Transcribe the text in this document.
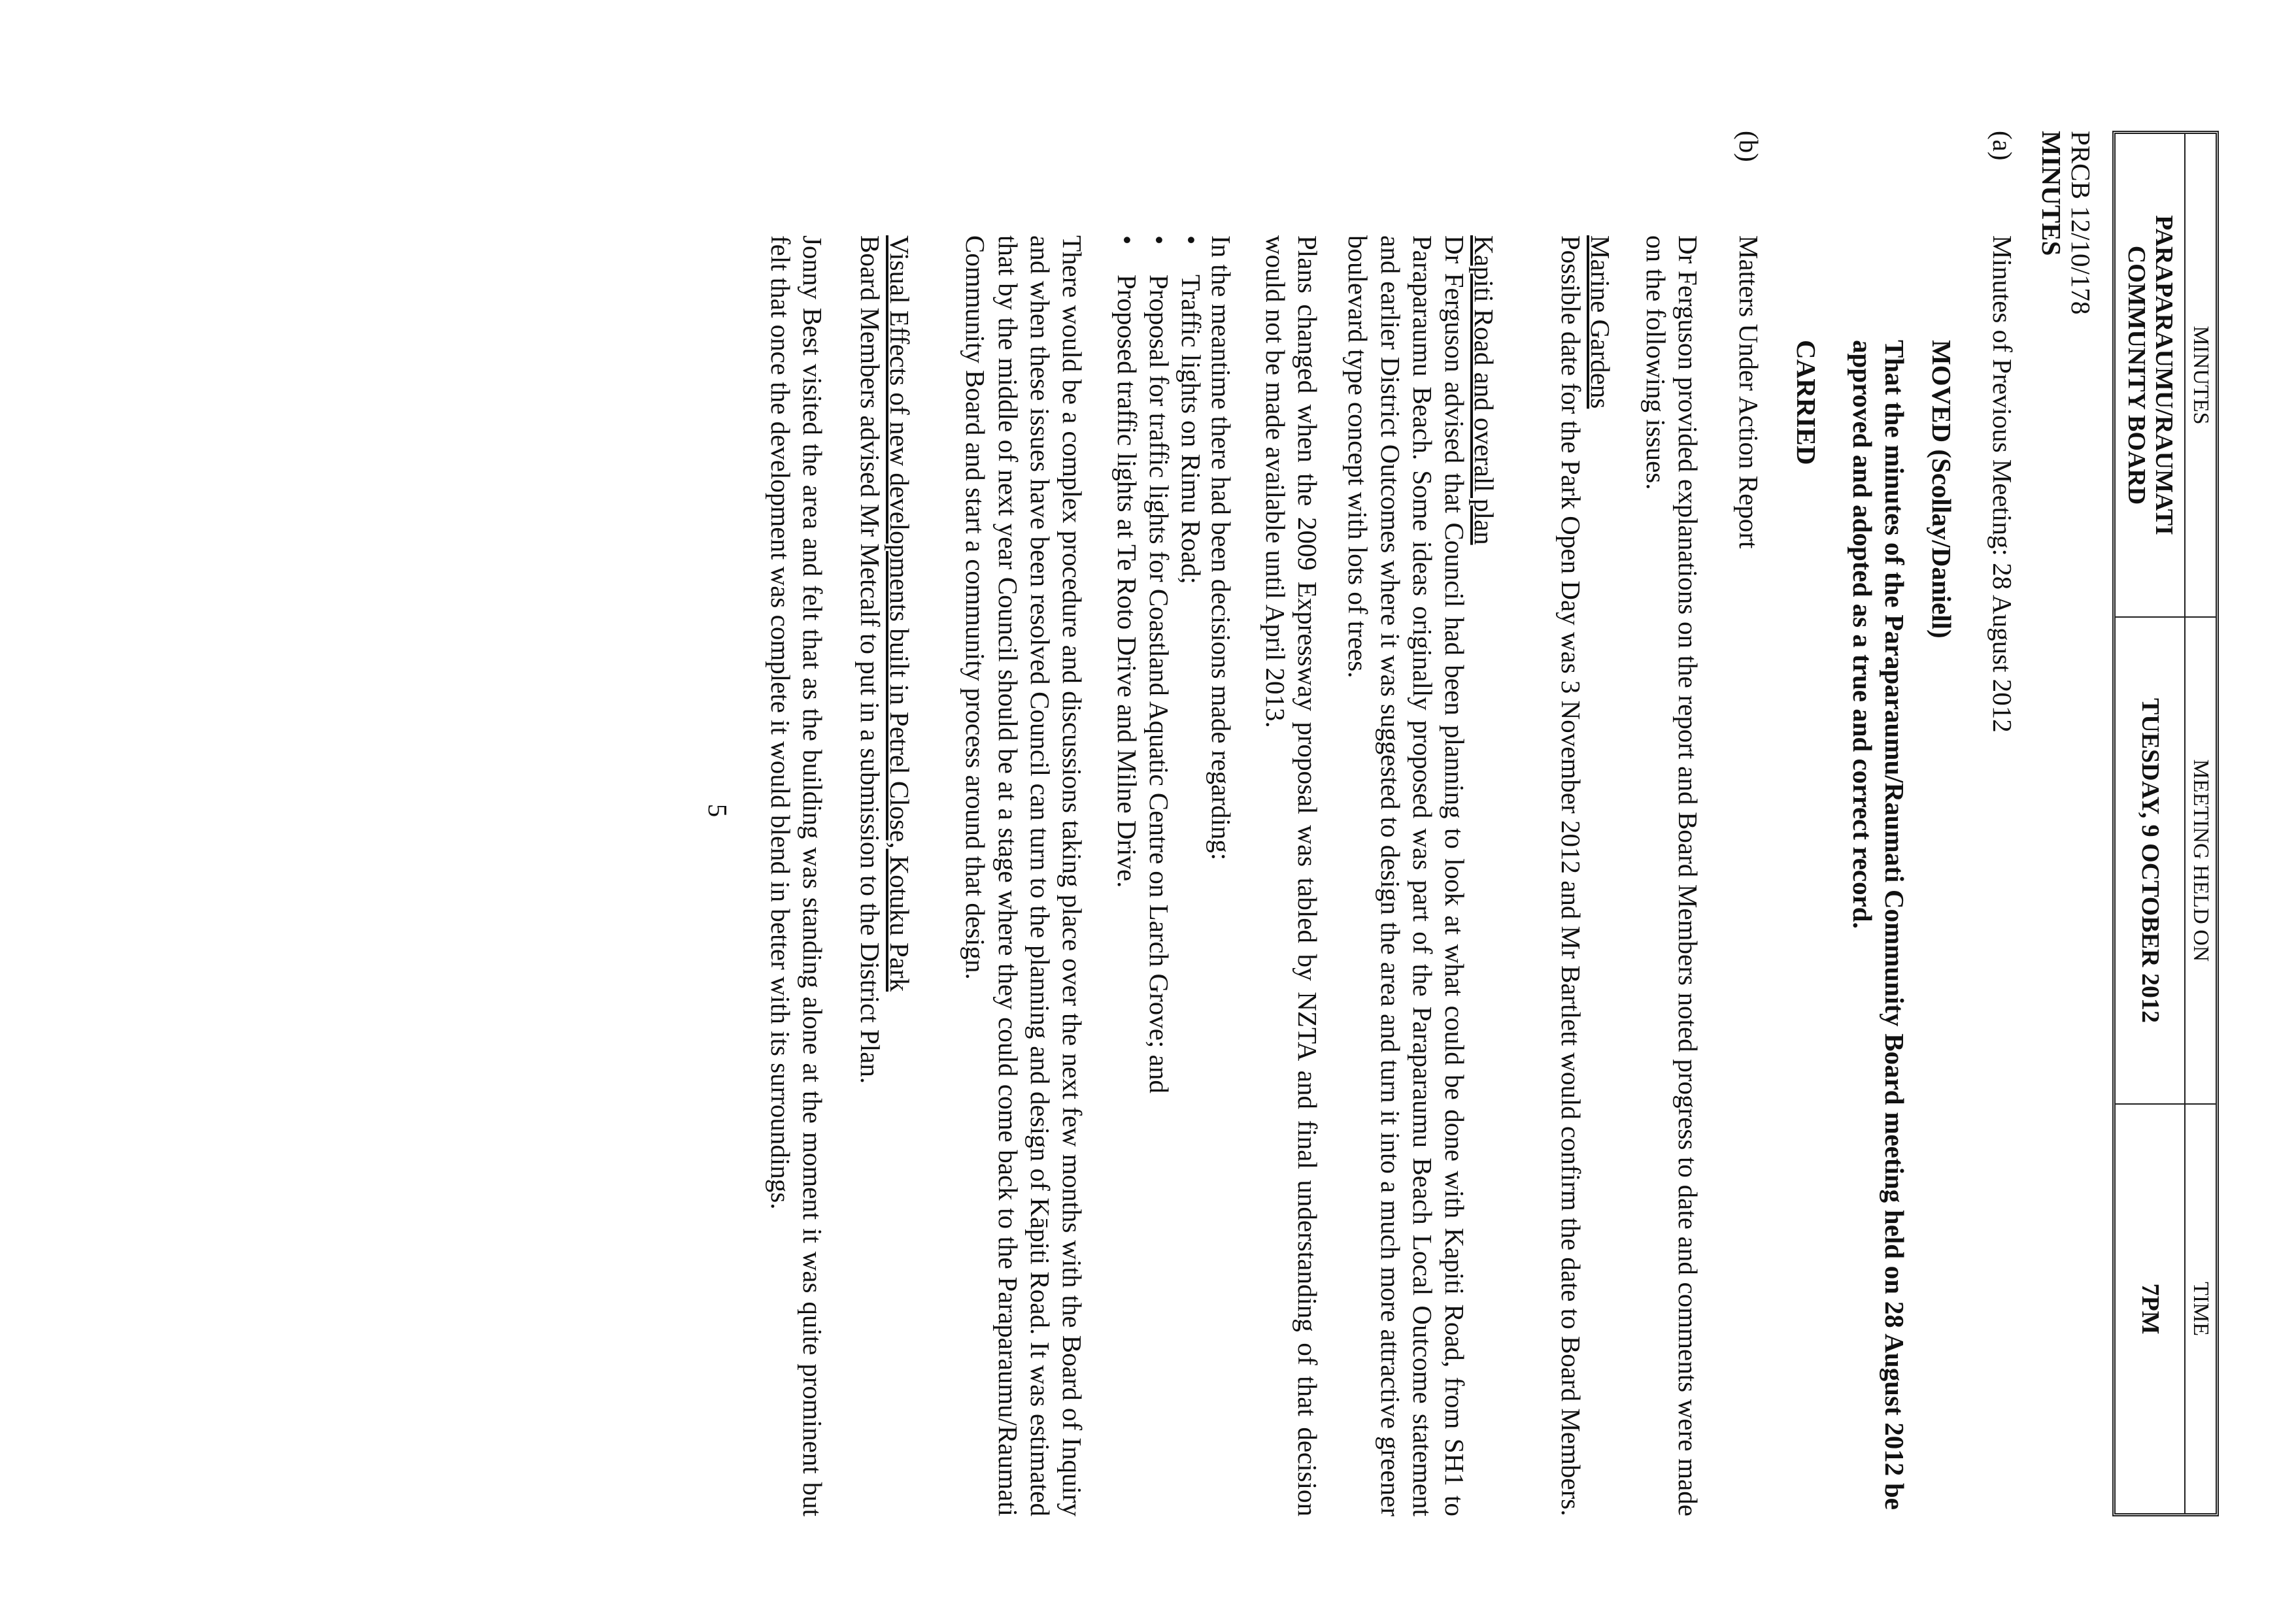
MINUTES
MEETING HELD ON
TIME
PARAPARAUMU/RAUMATI COMMUNITY BOARD
TUESDAY, 9 OCTOBER 2012
7PM
PRCB 12/10/178
MINUTES
(a)
Minutes of Previous Meeting: 28 August 2012
MOVED (Scollay/Daniell)
That the minutes of the Paraparaumu/Raumati Community Board meeting held on 28 August 2012 be approved and adopted as a true and correct record.
CARRIED
(b)
Matters Under Action Report
Dr Ferguson provided explanations on the report and Board Members noted progress to date and comments were made on the following issues.
Marine Gardens
Possible date for the Park Open Day was 3 November 2012 and Mr Bartlett would confirm the date to Board Members.
Kapiti Road and overall plan
Dr Ferguson advised that Council had been planning to look at what could be done with Kapiti Road, from SH1 to Paraparaumu Beach. Some ideas originally proposed was part of the Paraparaumu Beach Local Outcome statement and earlier District Outcomes where it was suggested to design the area and turn it into a much more attractive greener boulevard type concept with lots of trees.
Plans changed when the 2009 Expressway proposal was tabled by NZTA and final understanding of that decision would not be made available until April 2013.
In the meantime there had been decisions made regarding:
•
Traffic lights on Rimu Road;
•
Proposal for traffic lights for Coastland Aquatic Centre on Larch Grove; and
•
Proposed traffic lights at Te Roto Drive and Milne Drive.
There would be a complex procedure and discussions taking place over the next few months with the Board of Inquiry and when these issues have been resolved Council can turn to the planning and design of Kāpiti Road. It was estimated that by the middle of next year Council should be at a stage where they could come back to the Paraparaumu/Raumati Community Board and start a community process around that design.
Visual Effects of new developments built in Petrel Close, Kotuku Park
Board Members advised Mr Metcalf to put in a submission to the District Plan.
Jonny Best visited the area and felt that as the building was standing alone at the moment it was quite prominent but felt that once the development was complete it would blend in better with its surroundings.
5
